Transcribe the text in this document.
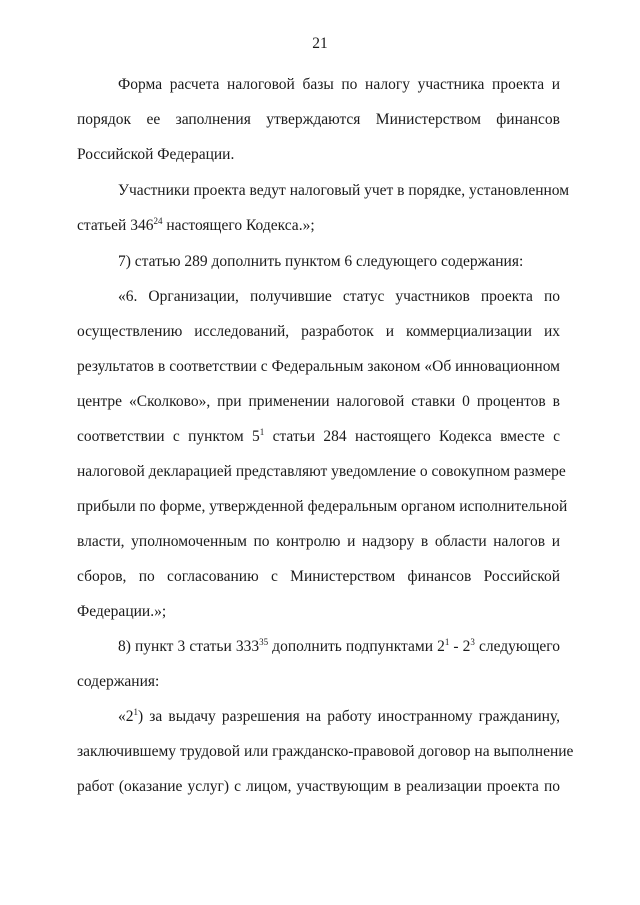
21
Форма расчета налоговой базы по налогу участника проекта и
порядок ее заполнения утверждаются Министерством финансов
Российской Федерации.
Участники проекта ведут налоговый учет в порядке, установленном
статьей $346^{24}$ настоящего Кодекса.»;
7) статью 289 дополнить пунктом 6 следующего содержания:
«6. Организации, получившие статус участников проекта по
осуществлению исследований, разработок и коммерциализации их
результатов в соответствии с Федеральным законом «Об инновационном
центре «Сколково», при применении налоговой ставки 0 процентов в
соответствии с пунктом $5^1$ статьи 284 настоящего Кодекса вместе с
налоговой декларацией представляют уведомление о совокупном размере
прибыли по форме, утвержденной федеральным органом исполнительной
власти, уполномоченным по контролю и надзору в области налогов и
сборов, по согласованию с Министерством финансов Российской
Федерации.»;
8) пункт 3 статьи $333^{35}$ дополнить подпунктами $2^1 - 2^3$ следующего
содержания:
«$2^1$) за выдачу разрешения на работу иностранному гражданину,
заключившему трудовой или гражданско-правовой договор на выполнение
работ (оказание услуг) с лицом, участвующим в реализации проекта по
